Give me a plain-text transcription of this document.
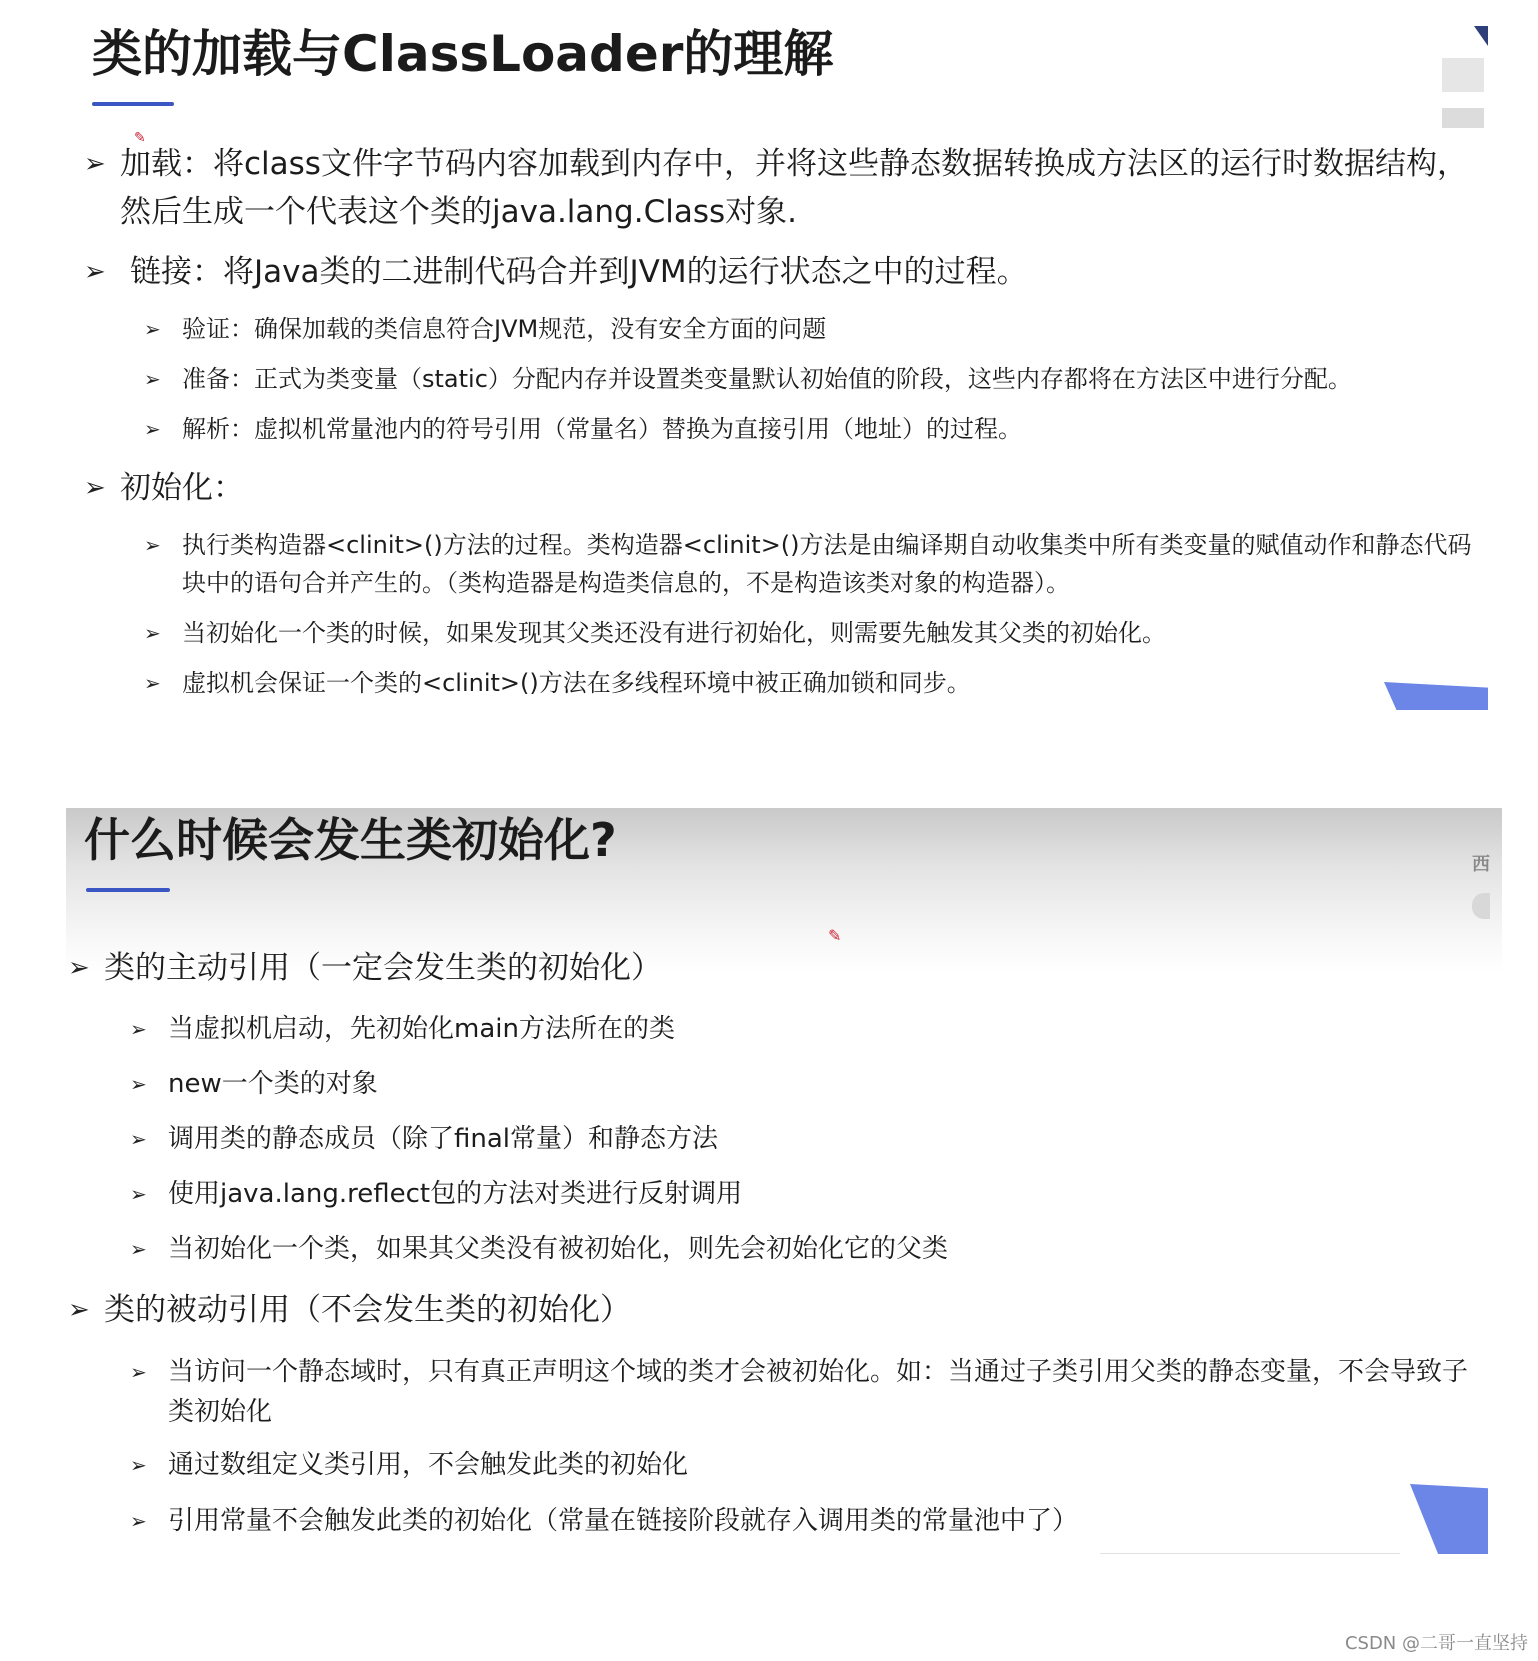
类的加载与ClassLoader的理解
✎
➢ 加载：将class文件字节码内容加载到内存中，并将这些静态数据转换成方法区的运行时数据结构，然后生成一个代表这个类的java.lang.Class对象.
➢ 链接：将Java类的二进制代码合并到JVM的运行状态之中的过程。
➢ 验证：确保加载的类信息符合JVM规范，没有安全方面的问题
➢ 准备：正式为类变量（static）分配内存并设置类变量默认初始值的阶段，这些内存都将在方法区中进行分配。
➢ 解析：虚拟机常量池内的符号引用（常量名）替换为直接引用（地址）的过程。
➢ 初始化：
➢ 执行类构造器<clinit>()方法的过程。类构造器<clinit>()方法是由编译期自动收集类中所有类变量的赋值动作和静态代码块中的语句合并产生的。（类构造器是构造类信息的，不是构造该类对象的构造器）。
➢ 当初始化一个类的时候，如果发现其父类还没有进行初始化，则需要先触发其父类的初始化。
➢ 虚拟机会保证一个类的<clinit>()方法在多线程环境中被正确加锁和同步。
什么时候会发生类初始化?	西
✎
➢ 类的主动引用（一定会发生类的初始化）
➢ 当虚拟机启动，先初始化main方法所在的类
➢ new一个类的对象
➢ 调用类的静态成员（除了final常量）和静态方法
➢ 使用java.lang.reflect包的方法对类进行反射调用
➢ 当初始化一个类，如果其父类没有被初始化，则先会初始化它的父类
➢ 类的被动引用（不会发生类的初始化）
➢ 当访问一个静态域时，只有真正声明这个域的类才会被初始化。如：当通过子类引用父类的静态变量，不会导致子类初始化
➢ 通过数组定义类引用，不会触发此类的初始化
➢ 引用常量不会触发此类的初始化（常量在链接阶段就存入调用类的常量池中了）
CSDN @二哥一直坚持
